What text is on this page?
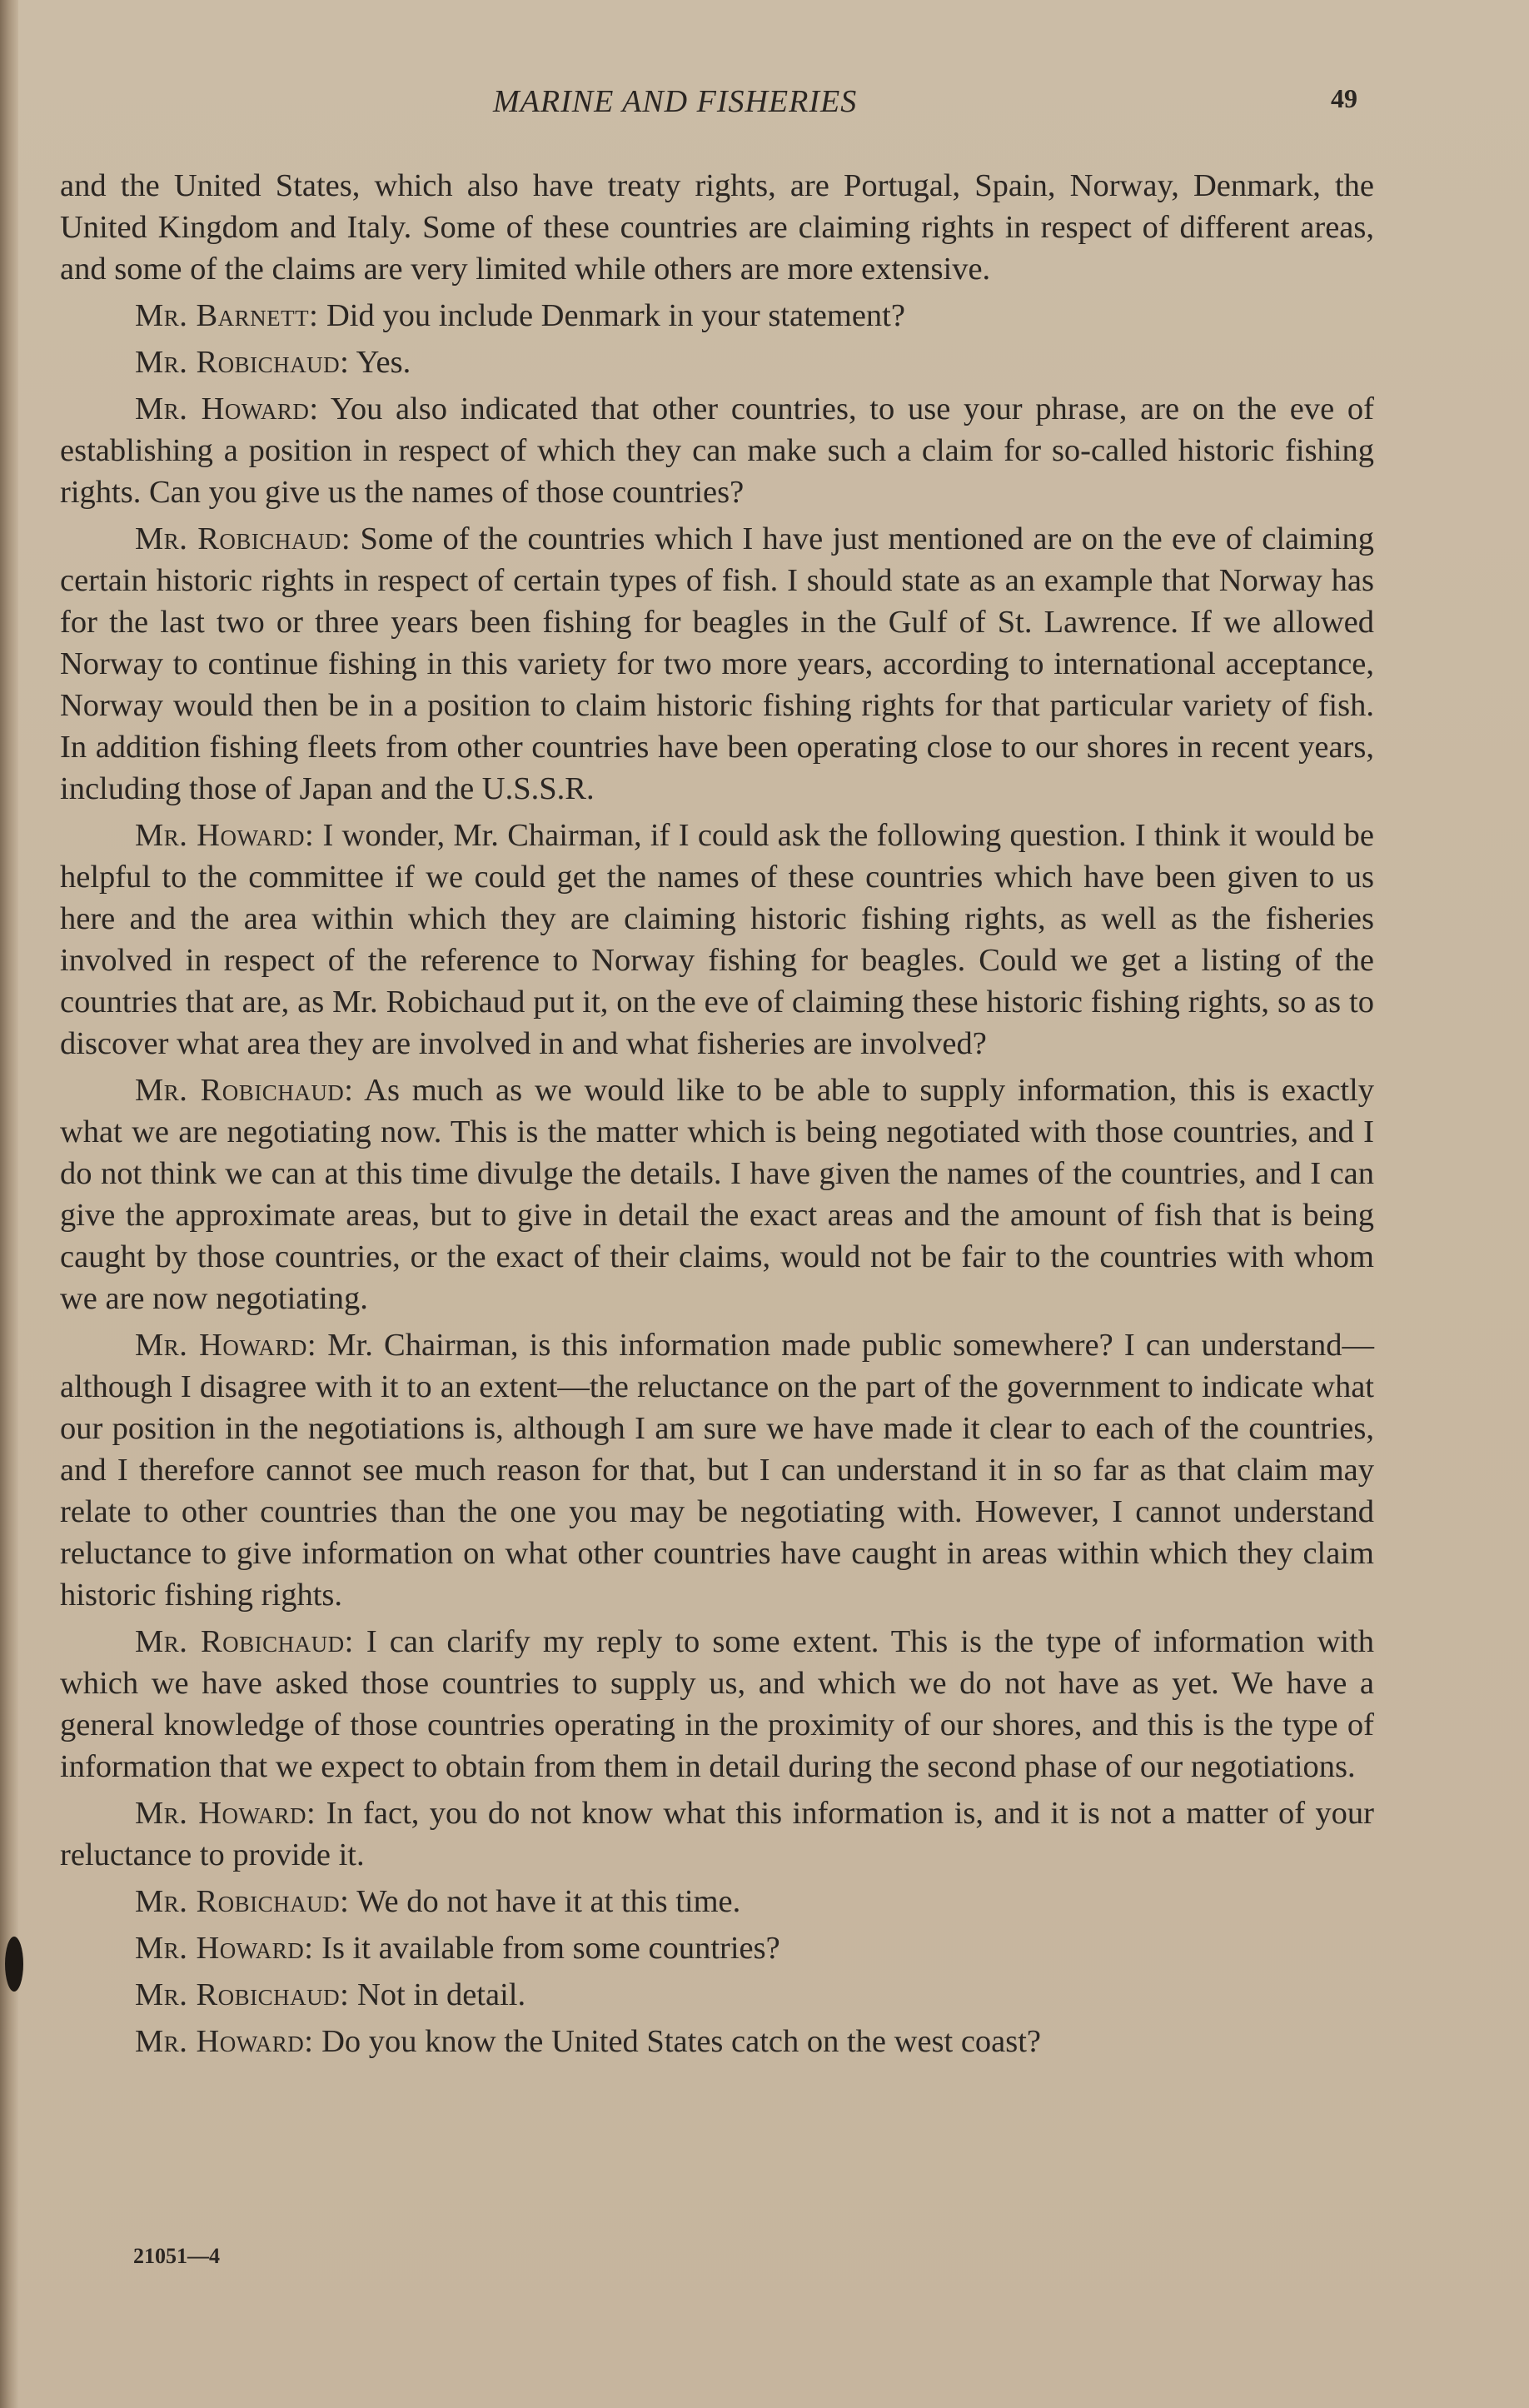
MARINE AND FISHERIES	49

and the United States, which also have treaty rights, are Portugal, Spain, Norway, Denmark, the United Kingdom and Italy. Some of these countries are claiming rights in respect of different areas, and some of the claims are very limited while others are more extensive.

Mr. Barnett: Did you include Denmark in your statement?

Mr. Robichaud: Yes.

Mr. Howard: You also indicated that other countries, to use your phrase, are on the eve of establishing a position in respect of which they can make such a claim for so-called historic fishing rights. Can you give us the names of those countries?

Mr. Robichaud: Some of the countries which I have just mentioned are on the eve of claiming certain historic rights in respect of certain types of fish. I should state as an example that Norway has for the last two or three years been fishing for beagles in the Gulf of St. Lawrence. If we allowed Norway to continue fishing in this variety for two more years, according to international acceptance, Norway would then be in a position to claim historic fishing rights for that particular variety of fish. In addition fishing fleets from other countries have been operating close to our shores in recent years, including those of Japan and the U.S.S.R.

Mr. Howard: I wonder, Mr. Chairman, if I could ask the following question. I think it would be helpful to the committee if we could get the names of these countries which have been given to us here and the area within which they are claiming historic fishing rights, as well as the fisheries involved in respect of the reference to Norway fishing for beagles. Could we get a listing of the countries that are, as Mr. Robichaud put it, on the eve of claiming these historic fishing rights, so as to discover what area they are involved in and what fisheries are involved?

Mr. Robichaud: As much as we would like to be able to supply information, this is exactly what we are negotiating now. This is the matter which is being negotiated with those countries, and I do not think we can at this time divulge the details. I have given the names of the countries, and I can give the approximate areas, but to give in detail the exact areas and the amount of fish that is being caught by those countries, or the exact of their claims, would not be fair to the countries with whom we are now negotiating.

Mr. Howard: Mr. Chairman, is this information made public somewhere? I can understand—although I disagree with it to an extent—the reluctance on the part of the government to indicate what our position in the negotiations is, although I am sure we have made it clear to each of the countries, and I therefore cannot see much reason for that, but I can understand it in so far as that claim may relate to other countries than the one you may be negotiating with. However, I cannot understand reluctance to give information on what other countries have caught in areas within which they claim historic fishing rights.

Mr. Robichaud: I can clarify my reply to some extent. This is the type of information with which we have asked those countries to supply us, and which we do not have as yet. We have a general knowledge of those countries operating in the proximity of our shores, and this is the type of information that we expect to obtain from them in detail during the second phase of our negotiations.

Mr. Howard: In fact, you do not know what this information is, and it is not a matter of your reluctance to provide it.

Mr. Robichaud: We do not have it at this time.

Mr. Howard: Is it available from some countries?

Mr. Robichaud: Not in detail.

Mr. Howard: Do you know the United States catch on the west coast?

21051—4
